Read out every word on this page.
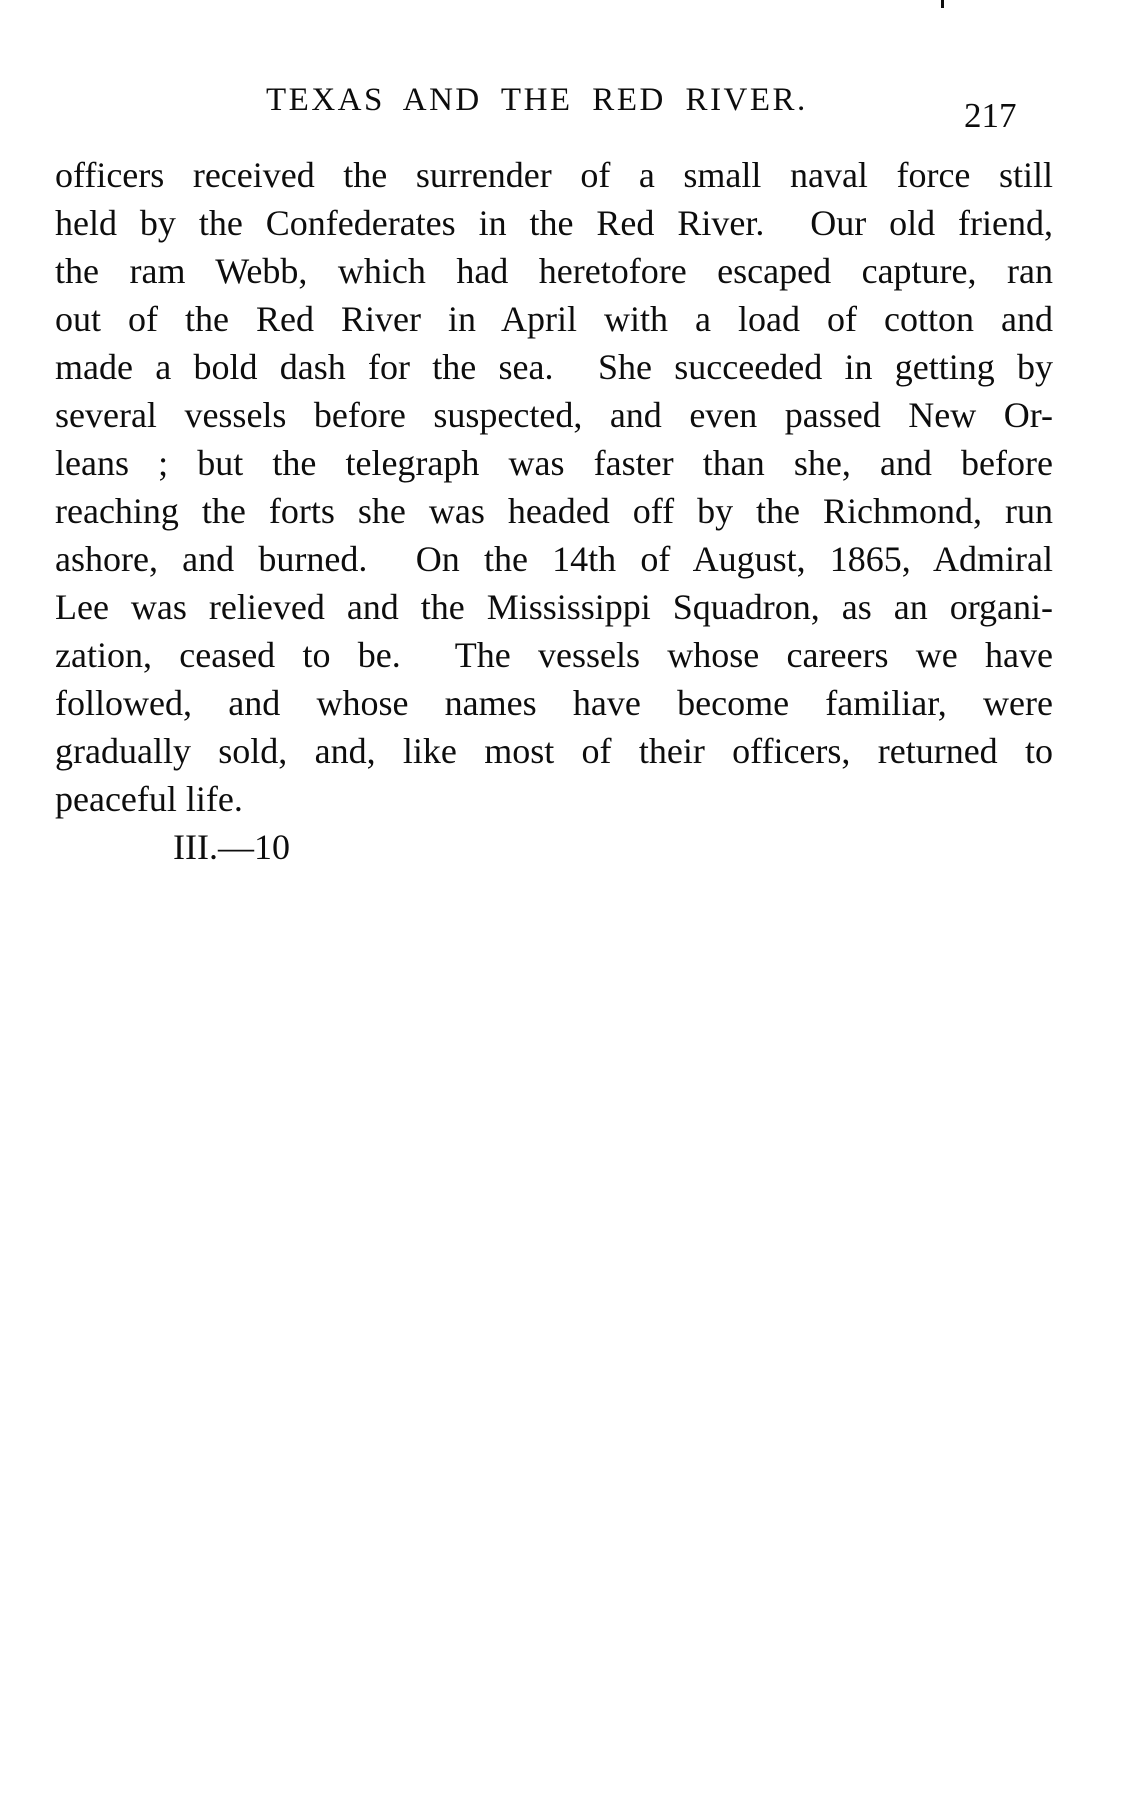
TEXAS AND THE RED RIVER.	217
officers received the surrender of a small naval force still
held by the Confederates in the Red River.  Our old friend,
the ram Webb, which had heretofore escaped capture, ran
out of the Red River in April with a load of cotton and
made a bold dash for the sea.  She succeeded in getting by
several vessels before suspected, and even passed New Or-
leans ; but the telegraph was faster than she, and before
reaching the forts she was headed off by the Richmond, run
ashore, and burned.  On the 14th of August, 1865, Admiral
Lee was relieved and the Mississippi Squadron, as an organi-
zation, ceased to be.  The vessels whose careers we have
followed, and whose names have become familiar, were
gradually sold, and, like most of their officers, returned to
peaceful life.
III.—10
